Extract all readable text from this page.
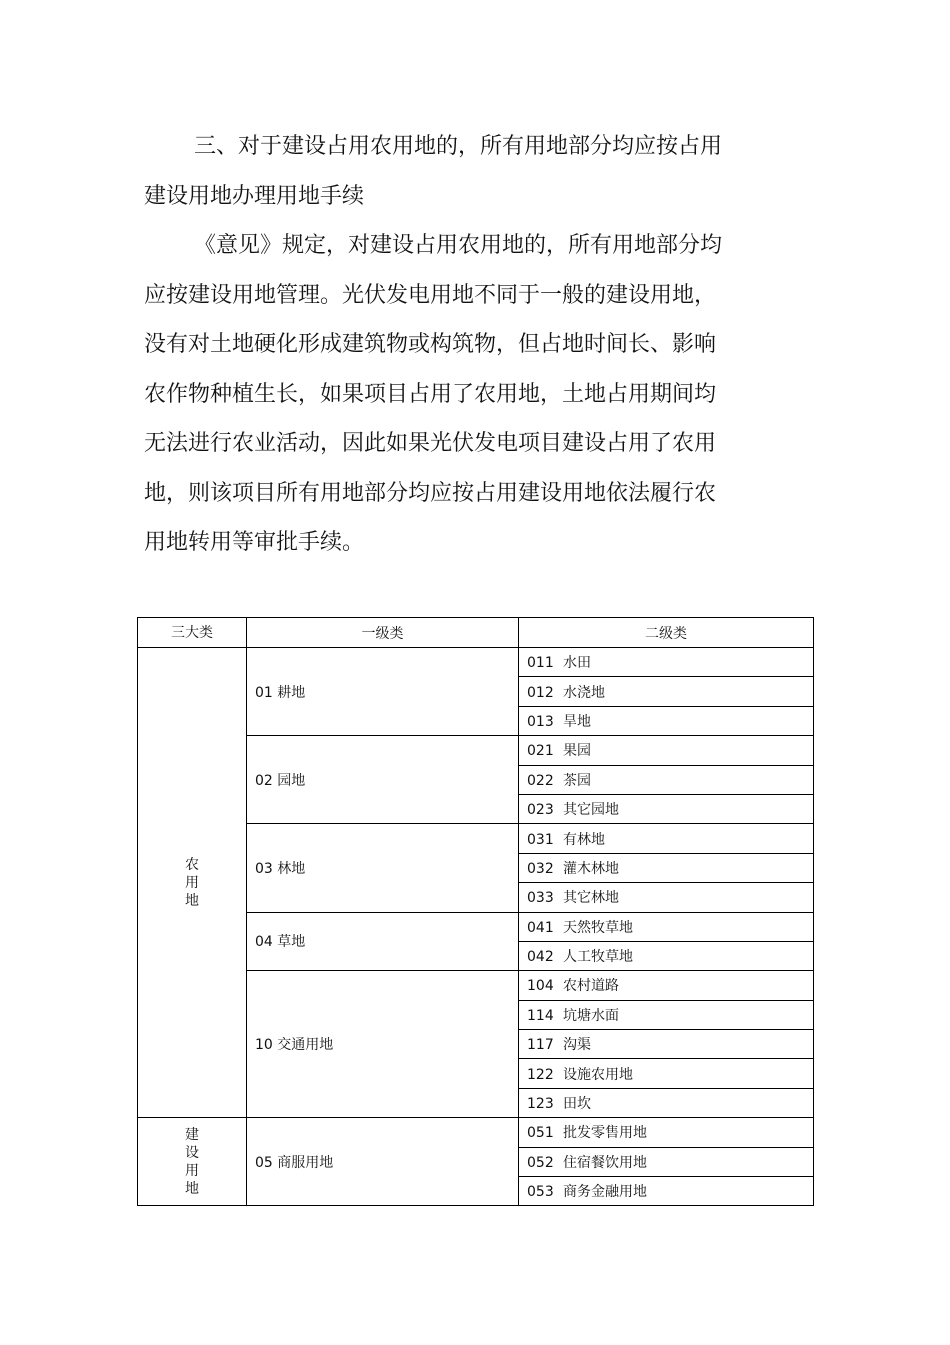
三、对于建设占用农用地的，所有用地部分均应按占用
建设用地办理用地手续
《意见》规定，对建设占用农用地的，所有用地部分均
应按建设用地管理。光伏发电用地不同于一般的建设用地，
没有对土地硬化形成建筑物或构筑物，但占地时间长、影响
农作物种植生长，如果项目占用了农用地，土地占用期间均
无法进行农业活动，因此如果光伏发电项目建设占用了农用
地，则该项目所有用地部分均应按占用建设用地依法履行农
用地转用等审批手续。
三大类	一级类	二级类
农用地	01 耕地	011 水田
		012 水浇地
		013 旱地
	02 园地	021 果园
		022 茶园
		023 其它园地
	03 林地	031 有林地
		032 灌木林地
		033 其它林地
	04 草地	041 天然牧草地
		042 人工牧草地
	10 交通用地	104 农村道路
		114 坑塘水面
		117 沟渠
		122 设施农用地
		123 田坎
建设用地	05 商服用地	051 批发零售用地
		052 住宿餐饮用地
		053 商务金融用地
